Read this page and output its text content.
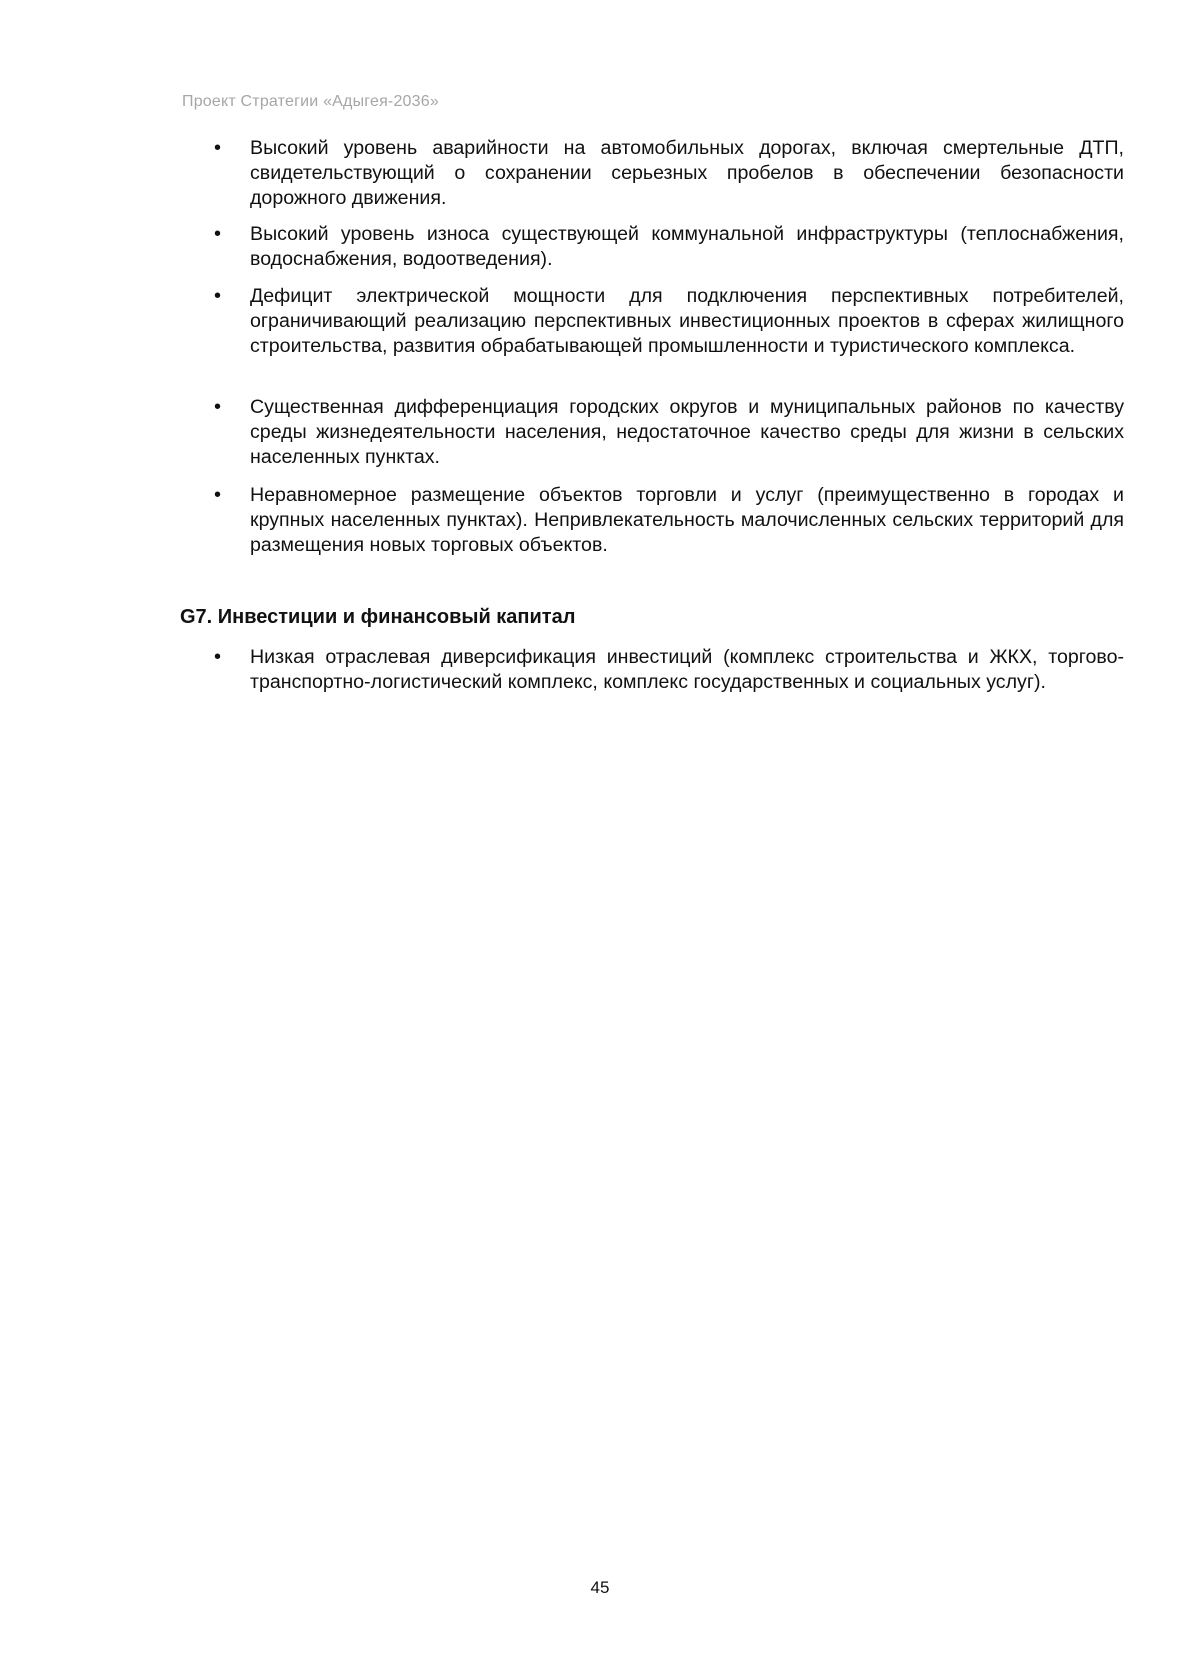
Проект Стратегии «Адыгея-2036»
• Высокий уровень аварийности на автомобильных дорогах, включая смертельные ДТП, свидетельствующий о сохранении серьезных пробелов в обеспечении безопасности дорожного движения.
• Высокий уровень износа существующей коммунальной инфраструктуры (теплоснабжения, водоснабжения, водоотведения).
• Дефицит электрической мощности для подключения перспективных потребителей, ограничивающий реализацию перспективных инвестиционных проектов в сферах жилищного строительства, развития обрабатывающей промышленности и туристического комплекса.
• Существенная дифференциация городских округов и муниципальных районов по качеству среды жизнедеятельности населения, недостаточное качество среды для жизни в сельских населенных пунктах.
• Неравномерное размещение объектов торговли и услуг (преимущественно в городах и крупных населенных пунктах). Непривлекательность малочисленных сельских территорий для размещения новых торговых объектов.
G7. Инвестиции и финансовый капитал
• Низкая отраслевая диверсификация инвестиций (комплекс строительства и ЖКХ, торгово-транспортно-логистический комплекс, комплекс государственных и социальных услуг).
45
